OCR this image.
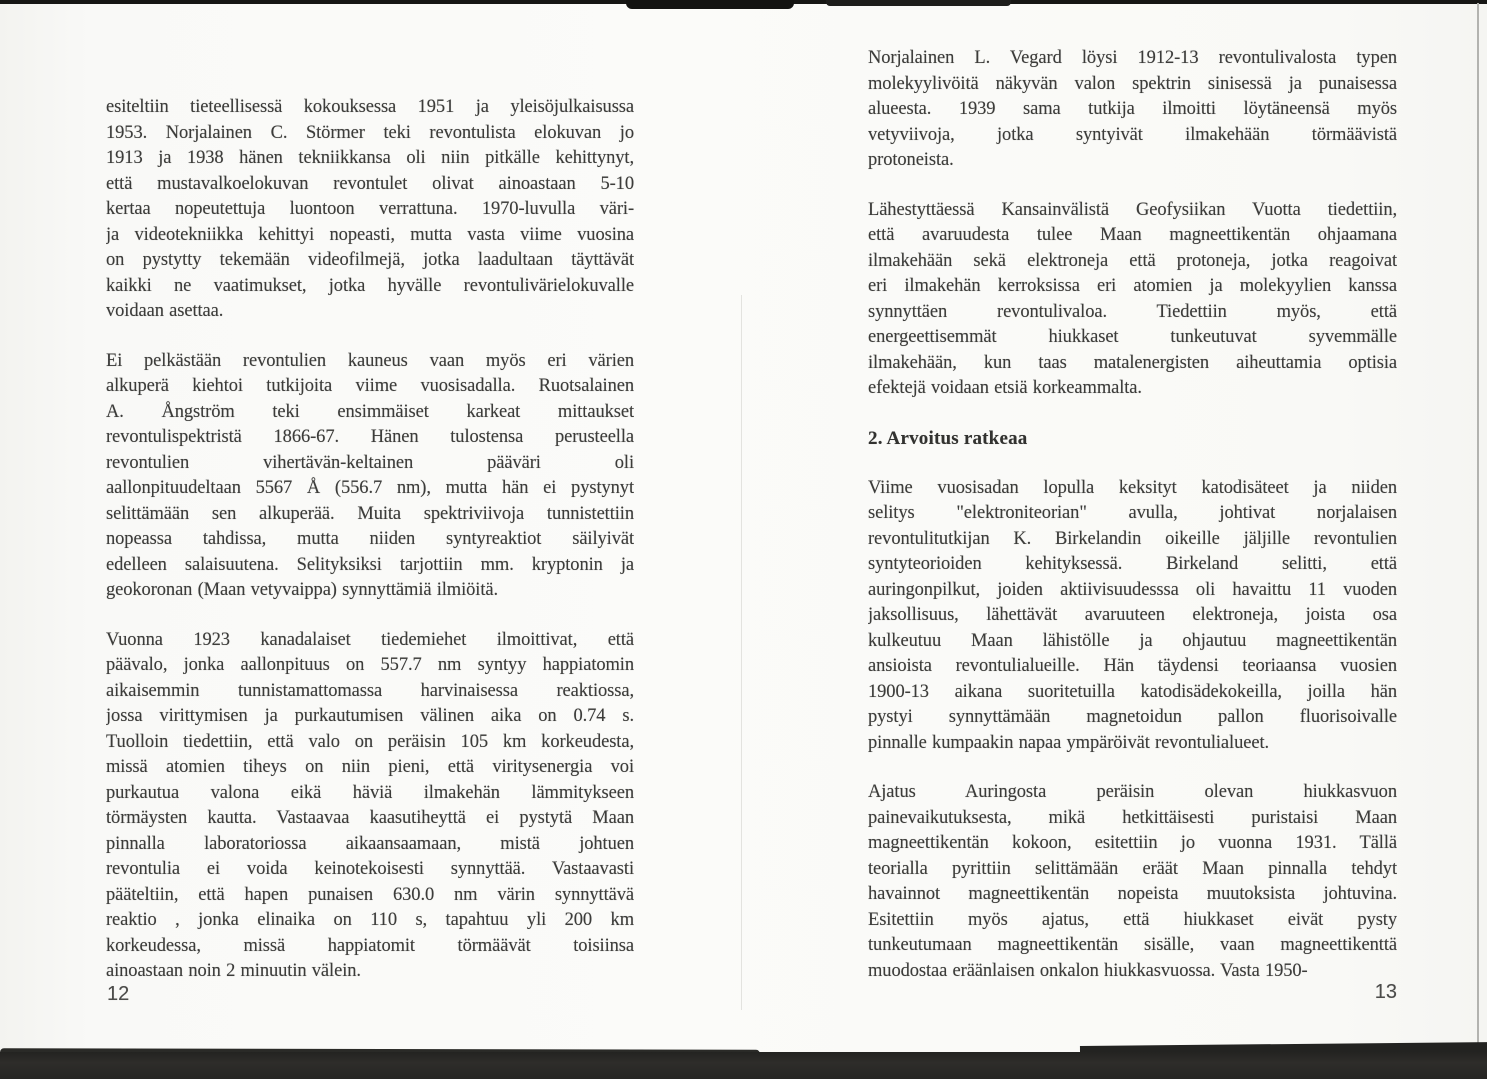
esiteltiin tieteellisessä kokouksessa 1951 ja yleisöjulkaisussa
1953. Norjalainen C. Störmer teki revontulista elokuvan jo
1913 ja 1938 hänen tekniikkansa oli niin pitkälle kehittynyt,
että mustavalkoelokuvan revontulet olivat ainoastaan 5-10
kertaa nopeutettuja luontoon verrattuna. 1970-luvulla väri-
ja videotekniikka kehittyi nopeasti, mutta vasta viime vuosina
on pystytty tekemään videofilmejä, jotka laadultaan täyttävät
kaikki ne vaatimukset, jotka hyvälle revontulivärielokuvalle
voidaan asettaa.
Ei pelkästään revontulien kauneus vaan myös eri värien
alkuperä kiehtoi tutkijoita viime vuosisadalla. Ruotsalainen
A. Ångström teki ensimmäiset karkeat mittaukset
revontulispektristä 1866-67. Hänen tulostensa perusteella
revontulien vihertävän-keltainen pääväri oli
aallonpituudeltaan 5567 Å (556.7 nm), mutta hän ei pystynyt
selittämään sen alkuperää. Muita spektriviivoja tunnistettiin
nopeassa tahdissa, mutta niiden syntyreaktiot säilyivät
edelleen salaisuutena. Selityksiksi tarjottiin mm. kryptonin ja
geokoronan (Maan vetyvaippa) synnyttämiä ilmiöitä.
Vuonna 1923 kanadalaiset tiedemiehet ilmoittivat, että
päävalo, jonka aallonpituus on 557.7 nm syntyy happiatomin
aikaisemmin tunnistamattomassa harvinaisessa reaktiossa,
jossa virittymisen ja purkautumisen välinen aika on 0.74 s.
Tuolloin tiedettiin, että valo on peräisin 105 km korkeudesta,
missä atomien tiheys on niin pieni, että viritysenergia voi
purkautua valona eikä häviä ilmakehän lämmitykseen
törmäysten kautta. Vastaavaa kaasutiheyttä ei pystytä Maan
pinnalla laboratoriossa aikaansaamaan, mistä johtuen
revontulia ei voida keinotekoisesti synnyttää. Vastaavasti
pääteltiin, että hapen punaisen 630.0 nm värin synnyttävä
reaktio , jonka elinaika on 110 s, tapahtuu yli 200 km
korkeudessa, missä happiatomit törmäävät toisiinsa
ainoastaan noin 2 minuutin välein.
Norjalainen L. Vegard löysi 1912-13 revontulivalosta typen
molekyylivöitä näkyvän valon spektrin sinisessä ja punaisessa
alueesta. 1939 sama tutkija ilmoitti löytäneensä myös
vetyviivoja, jotka syntyivät ilmakehään törmäävistä
protoneista.
Lähestyttäessä Kansainvälistä Geofysiikan Vuotta tiedettiin,
että avaruudesta tulee Maan magneettikentän ohjaamana
ilmakehään sekä elektroneja että protoneja, jotka reagoivat
eri ilmakehän kerroksissa eri atomien ja molekyylien kanssa
synnyttäen revontulivaloa. Tiedettiin myös, että
energeettisemmät hiukkaset tunkeutuvat syvemmälle
ilmakehään, kun taas matalenergisten aiheuttamia optisia
efektejä voidaan etsiä korkeammalta.
2. Arvoitus ratkeaa
Viime vuosisadan lopulla keksityt katodisäteet ja niiden
selitys "elektroniteorian" avulla, johtivat norjalaisen
revontulitutkijan K. Birkelandin oikeille jäljille revontulien
syntyteorioiden kehityksessä. Birkeland selitti, että
auringonpilkut, joiden aktiivisuudesssa oli havaittu 11 vuoden
jaksollisuus, lähettävät avaruuteen elektroneja, joista osa
kulkeutuu Maan lähistölle ja ohjautuu magneettikentän
ansioista revontulialueille. Hän täydensi teoriaansa vuosien
1900-13 aikana suoritetuilla katodisädekokeilla, joilla hän
pystyi synnyttämään magnetoidun pallon fluorisoivalle
pinnalle kumpaakin napaa ympäröivät revontulialueet.
Ajatus Auringosta peräisin olevan hiukkasvuon
painevaikutuksesta, mikä hetkittäisesti puristaisi Maan
magneettikentän kokoon, esitettiin jo vuonna 1931. Tällä
teorialla pyrittiin selittämään eräät Maan pinnalla tehdyt
havainnot magneettikentän nopeista muutoksista johtuvina.
Esitettiin myös ajatus, että hiukkaset eivät pysty
tunkeutumaan magneettikentän sisälle, vaan magneettikenttä
muodostaa eräänlaisen onkalon hiukkasvuossa. Vasta 1950-
12	13
